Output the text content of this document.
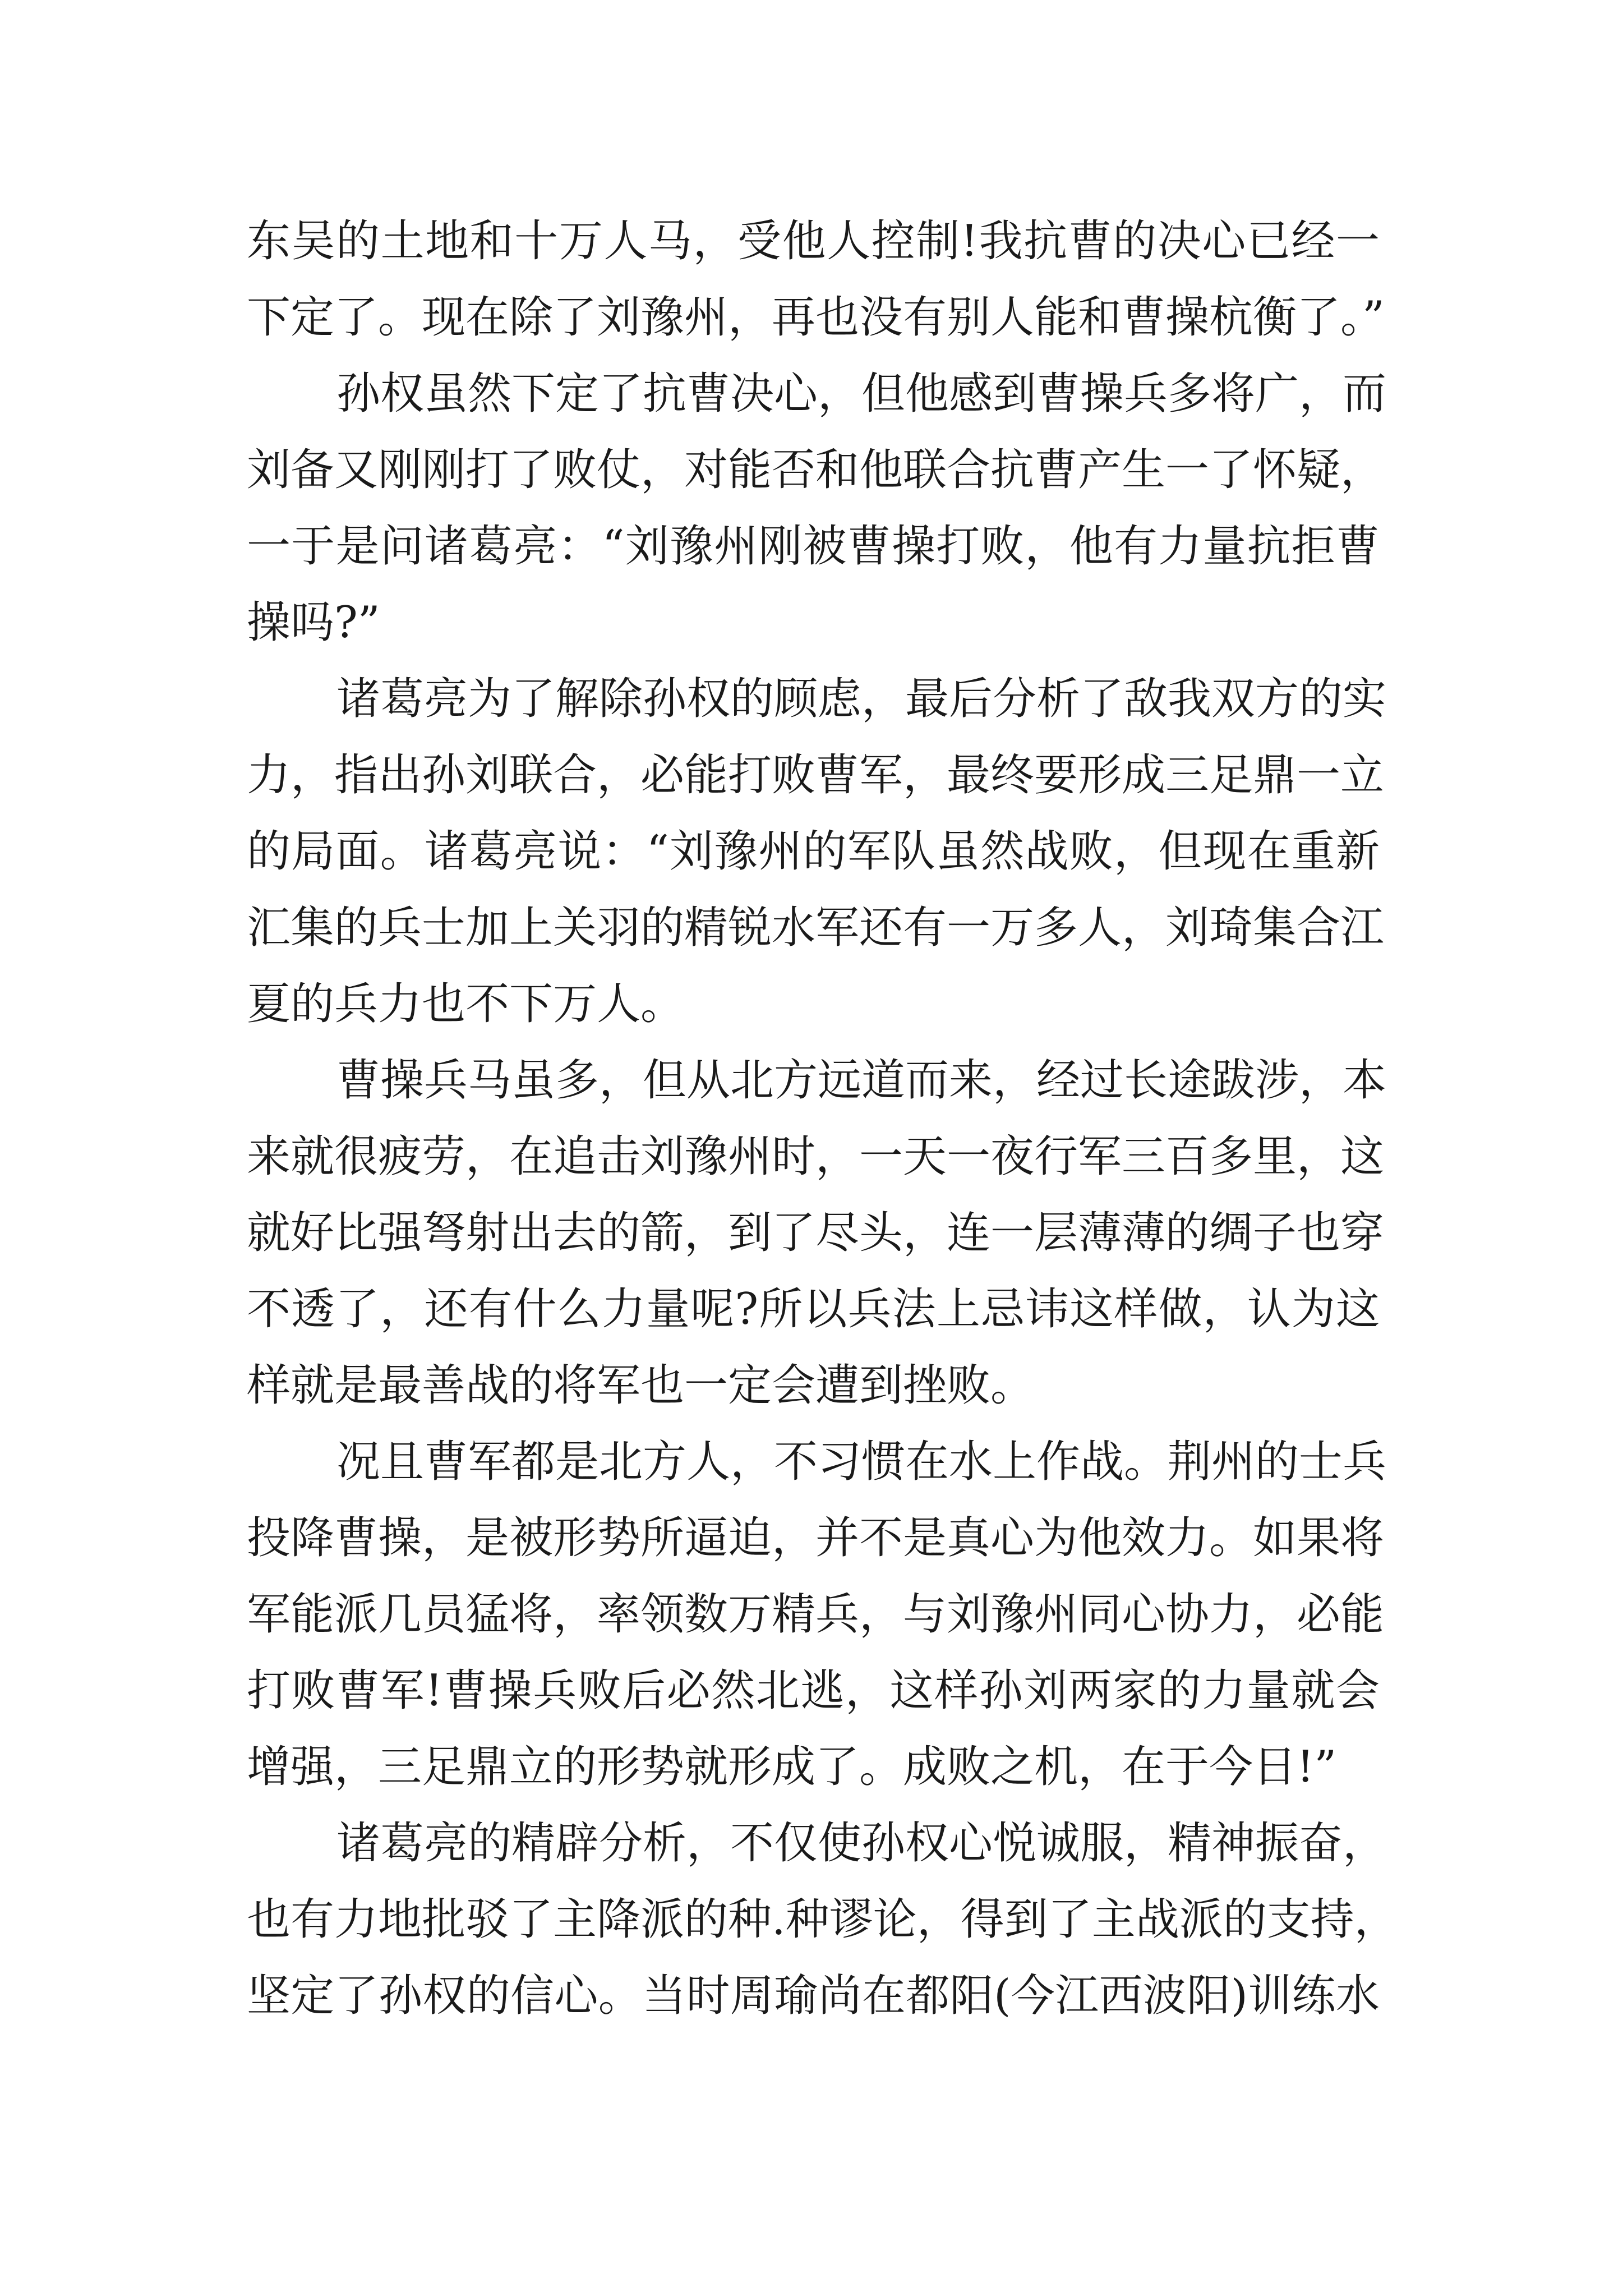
东吴的土地和十万人马，受他人控制!我抗曹的决心已经一
下定了。现在除了刘豫州，再也没有别人能和曹操杭衡了。”
孙权虽然下定了抗曹决心，但他感到曹操兵多将广，而
刘备又刚刚打了败仗，对能否和他联合抗曹产生一了怀疑，
一于是问诸葛亮：“刘豫州刚被曹操打败，他有力量抗拒曹
操吗?”
诸葛亮为了解除孙权的顾虑，最后分析了敌我双方的实
力，指出孙刘联合，必能打败曹军，最终要形成三足鼎一立
的局面。诸葛亮说：“刘豫州的军队虽然战败，但现在重新
汇集的兵士加上关羽的精锐水军还有一万多人，刘琦集合江
夏的兵力也不下万人。
曹操兵马虽多，但从北方远道而来，经过长途跋涉，本
来就很疲劳，在追击刘豫州时，一天一夜行军三百多里，这
就好比强弩射出去的箭，到了尽头，连一层薄薄的绸子也穿
不透了，还有什么力量呢?所以兵法上忌讳这样做，认为这
样就是最善战的将军也一定会遭到挫败。
况且曹军都是北方人，不习惯在水上作战。荆州的士兵
投降曹操，是被形势所逼迫，并不是真心为他效力。如果将
军能派几员猛将，率领数万精兵，与刘豫州同心协力，必能
打败曹军!曹操兵败后必然北逃，这样孙刘两家的力量就会
增强，三足鼎立的形势就形成了。成败之机，在于今日!”
诸葛亮的精辟分析，不仅使孙权心悦诚服，精神振奋，
也有力地批驳了主降派的种.种谬论，得到了主战派的支持，
坚定了孙权的信心。当时周瑜尚在都阳(今江西波阳)训练水
